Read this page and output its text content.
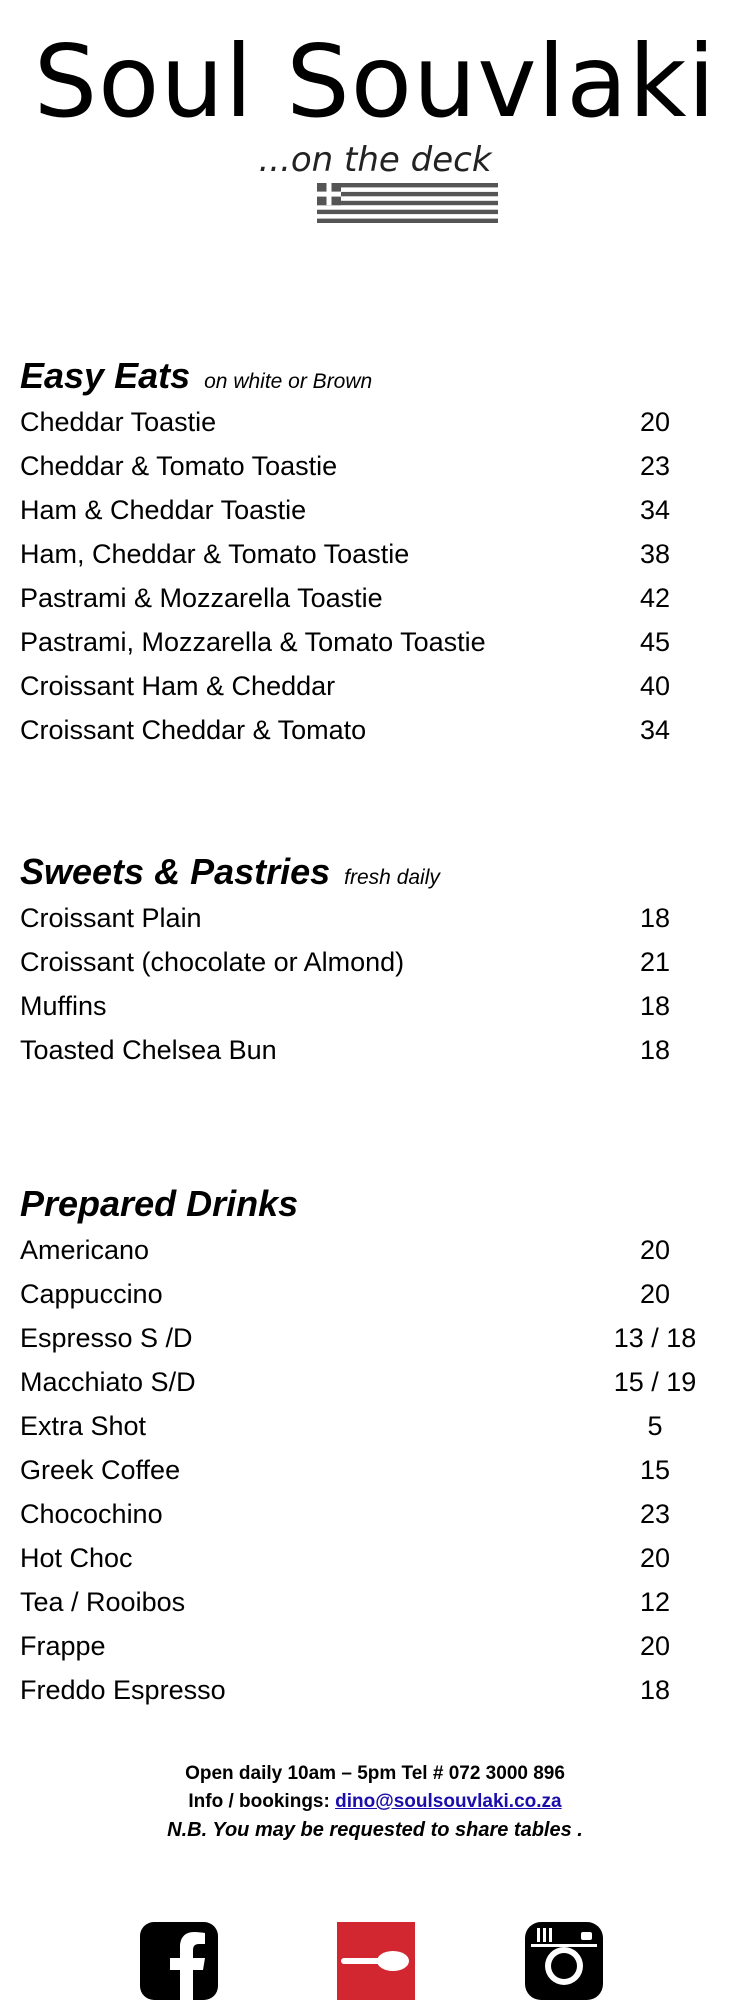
Soul Souvlaki
...on the deck
Easy Eats on white or Brown
Cheddar Toastie	20
Cheddar & Tomato Toastie	23
Ham & Cheddar Toastie	34
Ham, Cheddar & Tomato Toastie	38
Pastrami & Mozzarella Toastie	42
Pastrami, Mozzarella & Tomato Toastie	45
Croissant Ham & Cheddar	40
Croissant Cheddar & Tomato	34
Sweets & Pastries fresh daily
Croissant Plain	18
Croissant (chocolate or Almond)	21
Muffins	18
Toasted Chelsea Bun	18
Prepared Drinks
Americano	20
Cappuccino	20
Espresso S /D	13 / 18
Macchiato S/D	15 / 19
Extra Shot	5
Greek Coffee	15
Chocochino	23
Hot Choc	20
Tea / Rooibos	12
Frappe	20
Freddo Espresso	18
Open daily 10am – 5pm Tel # 072 3000 896
Info / bookings: dino@soulsouvlaki.co.za
N.B. You may be requested to share tables .
